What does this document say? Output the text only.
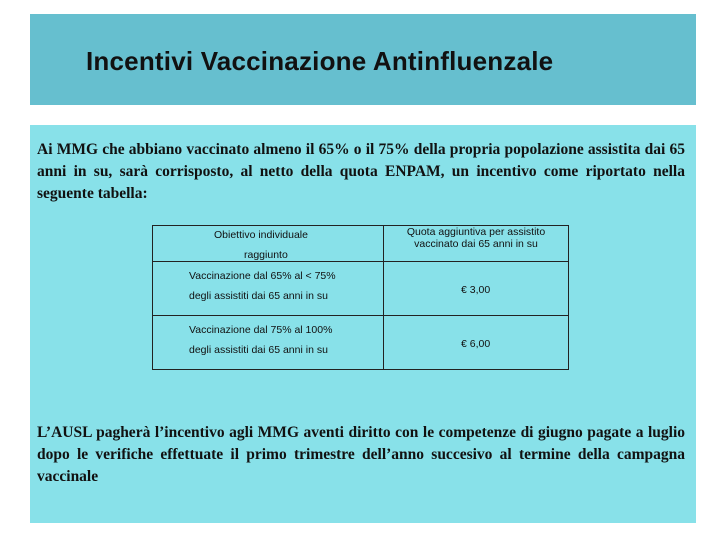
Incentivi Vaccinazione Antinfluenzale

Ai MMG che abbiano vaccinato almeno il 65% o il 75% della propria popolazione assistita dai 65 anni in su, sarà corrisposto, al netto della quota ENPAM, un incentivo come riportato nella seguente tabella:

Obiettivo individuale
raggiunto	Quota aggiuntiva per assistito vaccinato dai 65 anni in su

Vaccinazione dal 65% al < 75%
degli assistiti dai 65 anni in su	€ 3,00

Vaccinazione dal 75% al 100%
degli assistiti dai 65 anni in su	€ 6,00

L’AUSL pagherà l’incentivo agli MMG aventi diritto con le competenze di giugno pagate a luglio dopo le verifiche effettuate il primo trimestre dell’anno succesivo al termine della campagna vaccinale
